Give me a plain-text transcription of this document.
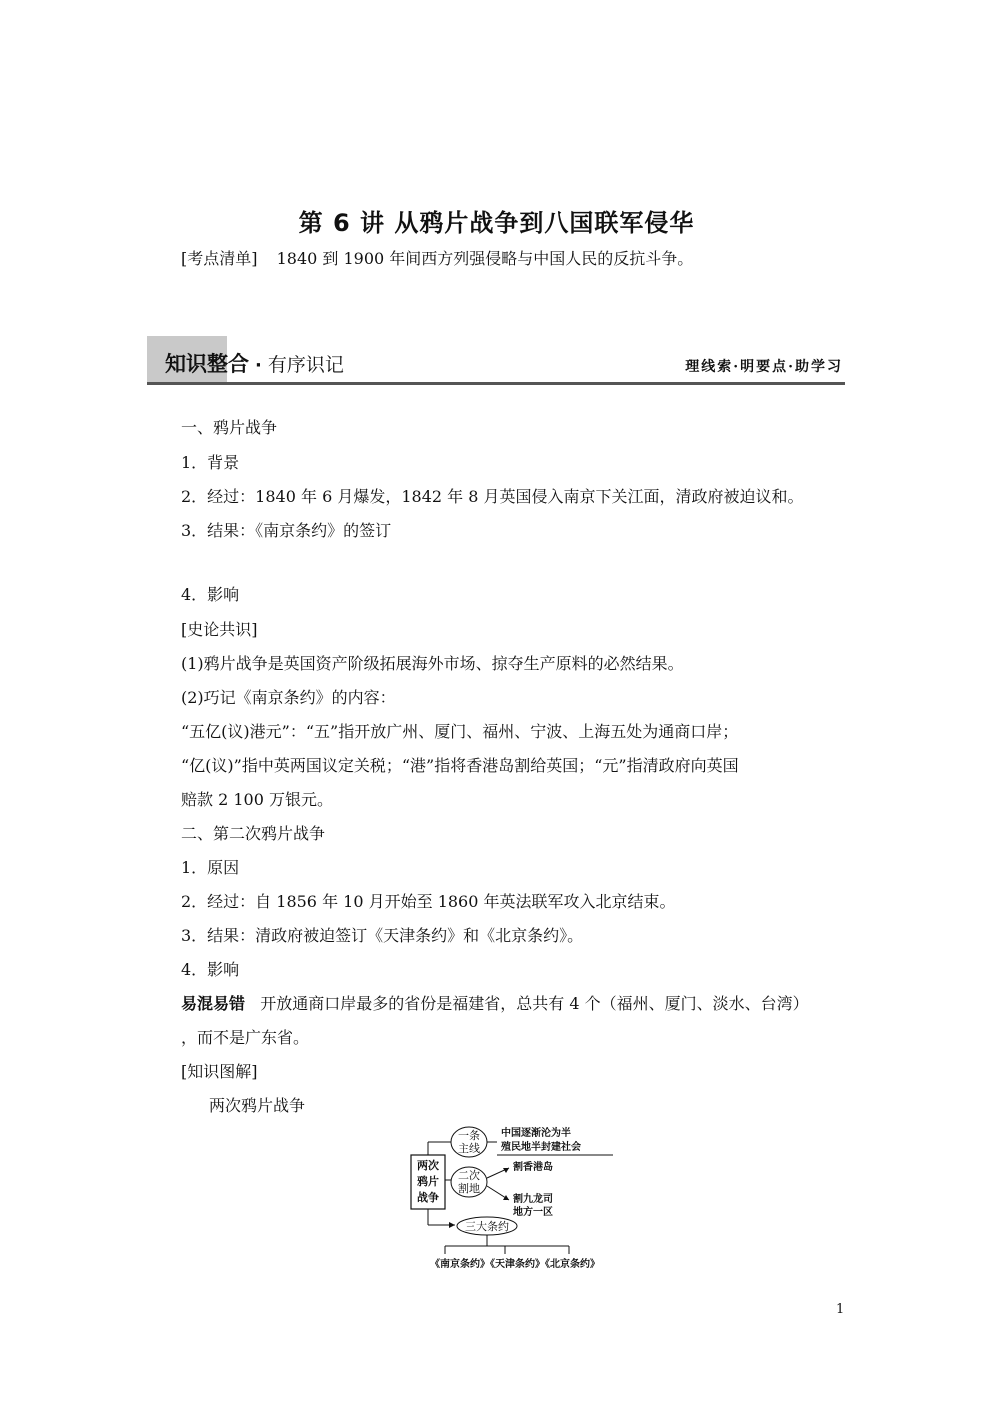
第 6 讲 从鸦片战争到八国联军侵华
[考点清单] 1840 到 1900 年间西方列强侵略与中国人民的反抗斗争。
知识整合 · 有序识记	理线索·明要点·助学习
一、鸦片战争
1．背景
2．经过：1840 年 6 月爆发，1842 年 8 月英国侵入南京下关江面，清政府被迫议和。
3．结果：《南京条约》的签订
4．影响
[史论共识]
(1)鸦片战争是英国资产阶级拓展海外市场、掠夺生产原料的必然结果。
(2)巧记《南京条约》的内容：
“五亿(议)港元”：“五”指开放广州、厦门、福州、宁波、上海五处为通商口岸；
“亿(议)”指中英两国议定关税；“港”指将香港岛割给英国；“元”指清政府向英国
赔款 2 100 万银元。
二、第二次鸦片战争
1．原因
2．经过：自 1856 年 10 月开始至 1860 年英法联军攻入北京结束。
3．结果：清政府被迫签订《天津条约》和《北京条约》。
4．影响
易混易错 开放通商口岸最多的省份是福建省，总共有 4 个（福州、厦门、淡水、台湾）
，而不是广东省。
[知识图解]
两次鸦片战争
两次
鸦片
战争
一条
主线
中国逐渐沦为半
殖民地半封建社会
二次
割地
割香港岛
割九龙司
地方一区
三大条约
《南京条约》《天津条约》《北京条约》
1
